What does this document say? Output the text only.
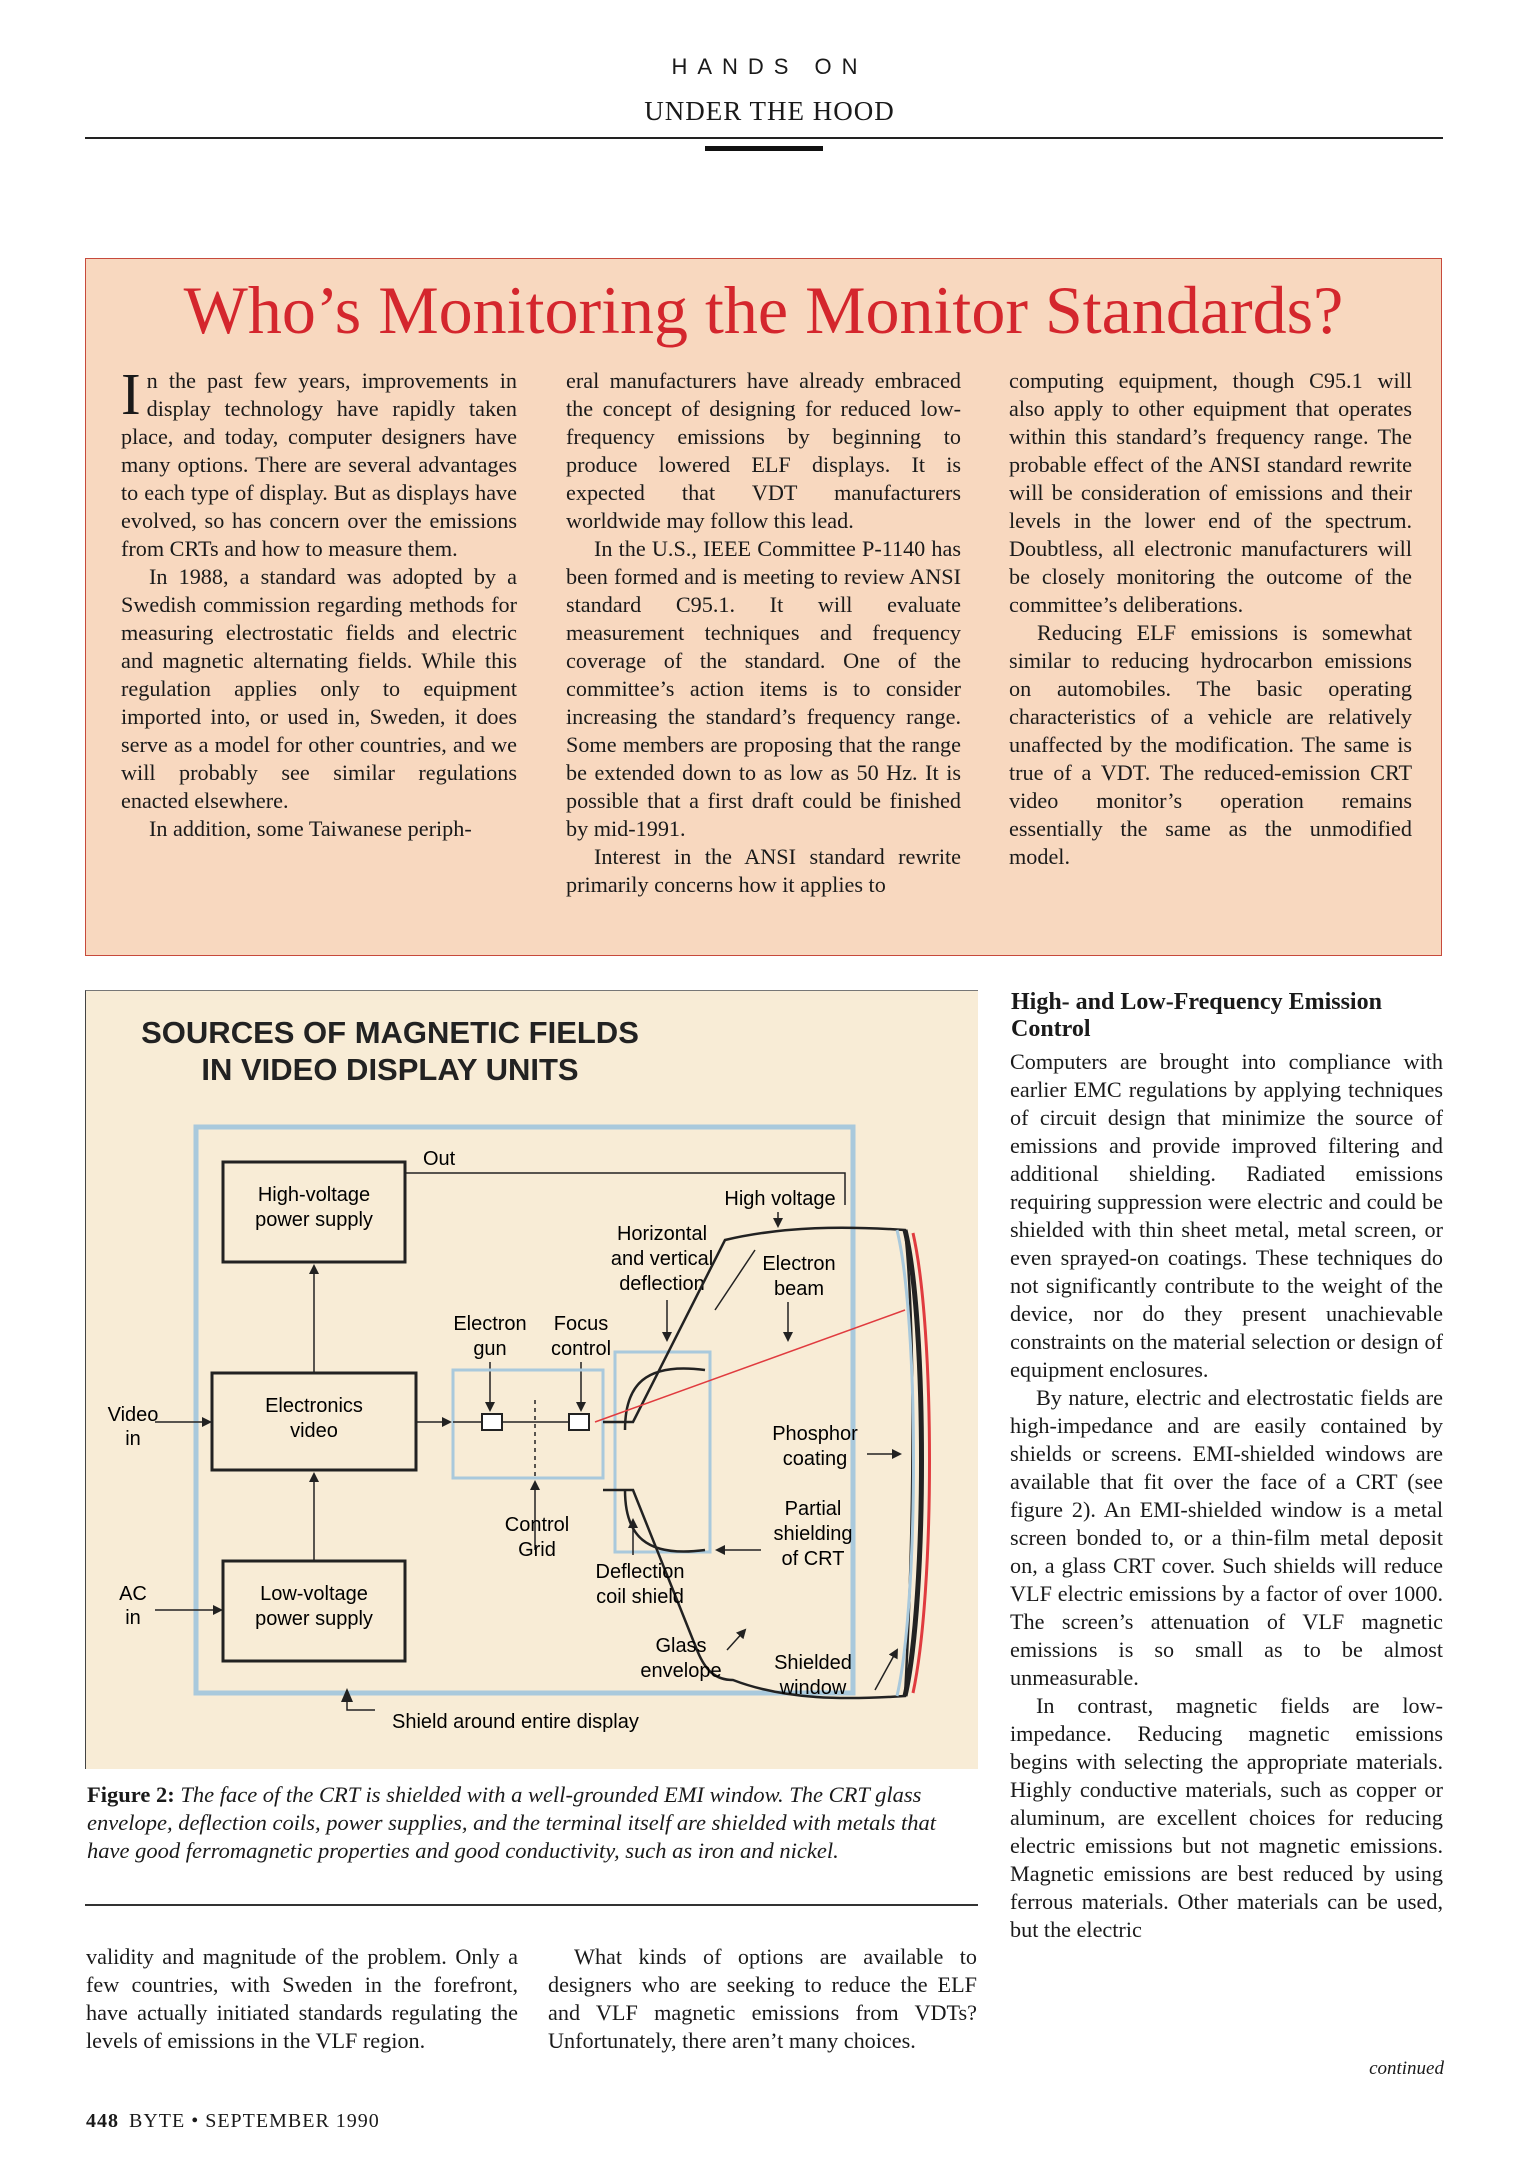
HANDS ON
UNDER THE HOOD
Who’s Monitoring the Monitor Standards?

In the past few years, improvements in display technology have rapidly taken place, and today, computer designers have many options. There are several advantages to each type of display. But as displays have evolved, so has concern over the emissions from CRTs and how to measure them.

In 1988, a standard was adopted by a Swedish commission regarding methods for measuring electrostatic fields and electric and magnetic alternating fields. While this regulation applies only to equipment imported into, or used in, Sweden, it does serve as a model for other countries, and we will probably see similar regulations enacted elsewhere.

In addition, some Taiwanese periph-

eral manufacturers have already embraced the concept of designing for reduced low-frequency emissions by beginning to produce lowered ELF displays. It is expected that VDT manufacturers worldwide may follow this lead.

In the U.S., IEEE Committee P-1140 has been formed and is meeting to review ANSI standard C95.1. It will evaluate measurement techniques and frequency coverage of the standard. One of the committee’s action items is to consider increasing the standard’s frequency range. Some members are proposing that the range be extended down to as low as 50 Hz. It is possible that a first draft could be finished by mid-1991.

Interest in the ANSI standard rewrite primarily concerns how it applies to

computing equipment, though C95.1 will also apply to other equipment that operates within this standard’s frequency range. The probable effect of the ANSI standard rewrite will be consideration of emissions and their levels in the lower end of the spectrum. Doubtless, all electronic manufacturers will be closely monitoring the outcome of the committee’s deliberations.

Reducing ELF emissions is somewhat similar to reducing hydrocarbon emissions on automobiles. The basic operating characteristics of a vehicle are relatively unaffected by the modification. The same is true of a VDT. The reduced-emission CRT video monitor’s operation remains essentially the same as the unmodified model.

SOURCES OF MAGNETIC FIELDS
IN VIDEO DISPLAY UNITS
High-voltage
power supply
Out
High voltage
Electronics
video
Low-voltage
power supply
Video
in
AC
in
Electron
gun
Focus
control
Control
Grid
Horizontal
and vertical
deflection
Electron
beam
Phosphor
coating
Partial
shielding
of CRT
Deflection
coil shield
Glass
envelope	Shielded
window
Shield around entire display
Figure 2: The face of the CRT is shielded with a well-grounded EMI window. The CRT glass envelope, deflection coils, power supplies, and the terminal itself are shielded with metals that have good ferromagnetic properties and good conductivity, such as iron and nickel.
High- and Low-Frequency Emission Control

Computers are brought into compliance with earlier EMC regulations by applying techniques of circuit design that minimize the source of emissions and provide improved filtering and additional shielding. Radiated emissions requiring suppression were electric and could be shielded with thin sheet metal, metal screen, or even sprayed-on coatings. These techniques do not significantly contribute to the weight of the device, nor do they present unachievable constraints on the material selection or design of equipment enclosures.

By nature, electric and electrostatic fields are high-impedance and are easily contained by shields or screens. EMI-shielded windows are available that fit over the face of a CRT (see figure 2). An EMI-shielded window is a metal screen bonded to, or a thin-film metal deposit on, a glass CRT cover. Such shields will reduce VLF electric emissions by a factor of over 1000. The screen’s attenuation of VLF magnetic emissions is so small as to be almost unmeasurable.

In contrast, magnetic fields are low-impedance. Reducing magnetic emissions begins with selecting the appropriate materials. Highly conductive materials, such as copper or aluminum, are excellent choices for reducing electric emissions but not magnetic emissions. Magnetic emissions are best reduced by using ferrous materials. Other materials can be used, but the electric

continued
validity and magnitude of the problem. Only a few countries, with Sweden in the forefront, have actually initiated standards regulating the levels of emissions in the VLF region.
What kinds of options are available to designers who are seeking to reduce the ELF and VLF magnetic emissions from VDTs? Unfortunately, there aren’t many choices.
448 BYTE • SEPTEMBER 1990
